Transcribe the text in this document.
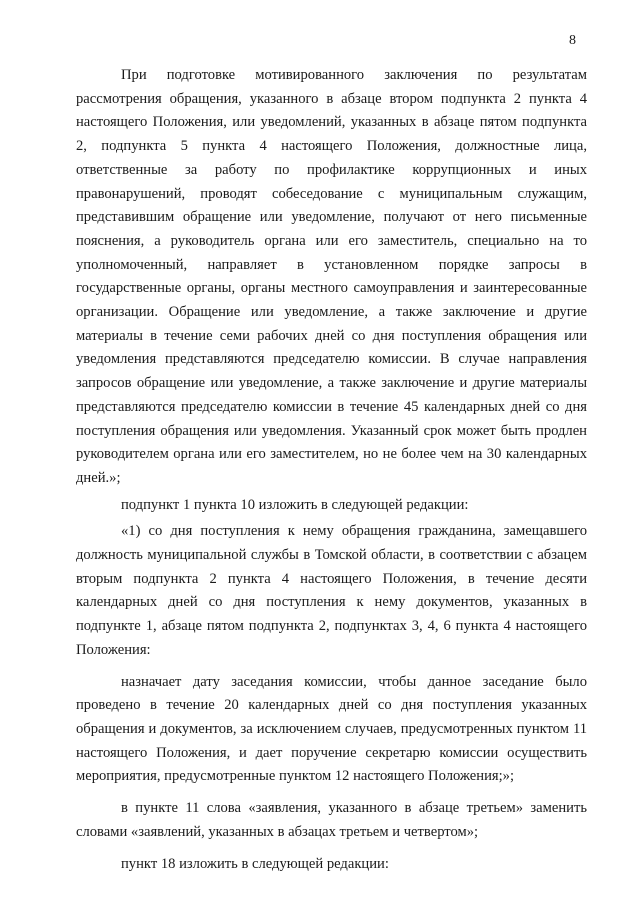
8

При подготовке мотивированного заключения по результатам рассмотрения обращения, указанного в абзаце втором подпункта 2 пункта 4 настоящего Положения, или уведомлений, указанных в абзаце пятом подпункта 2, подпункта 5 пункта 4 настоящего Положения, должностные лица, ответственные за работу по профилактике коррупционных и иных правонарушений, проводят собеседование с муниципальным служащим, представившим обращение или уведомление, получают от него письменные пояснения, а руководитель органа или его заместитель, специально на то уполномоченный, направляет в установленном порядке запросы в государственные органы, органы местного самоуправления и заинтересованные организации. Обращение или уведомление, а также заключение и другие материалы в течение семи рабочих дней со дня поступления обращения или уведомления представляются председателю комиссии. В случае направления запросов обращение или уведомление, а также заключение и другие материалы представляются председателю комиссии в течение 45 календарных дней со дня поступления обращения или уведомления. Указанный срок может быть продлен руководителем органа или его заместителем, но не более чем на 30 календарных дней.»;

подпункт 1 пункта 10 изложить в следующей редакции:

«1) со дня поступления к нему обращения гражданина, замещавшего должность муниципальной службы в Томской области, в соответствии с абзацем вторым подпункта 2 пункта 4 настоящего Положения, в течение десяти календарных дней со дня поступления к нему документов, указанных в подпункте 1, абзаце пятом подпункта 2, подпунктах 3, 4, 6 пункта 4 настоящего Положения:

назначает дату заседания комиссии, чтобы данное заседание было проведено в течение 20 календарных дней со дня поступления указанных обращения и документов, за исключением случаев, предусмотренных пунктом 11 настоящего Положения, и дает поручение секретарю комиссии осуществить мероприятия, предусмотренные пунктом 12 настоящего Положения;»;

в пункте 11 слова «заявления, указанного в абзаце третьем» заменить словами «заявлений, указанных в абзацах третьем и четвертом»;

пункт 18 изложить в следующей редакции:
